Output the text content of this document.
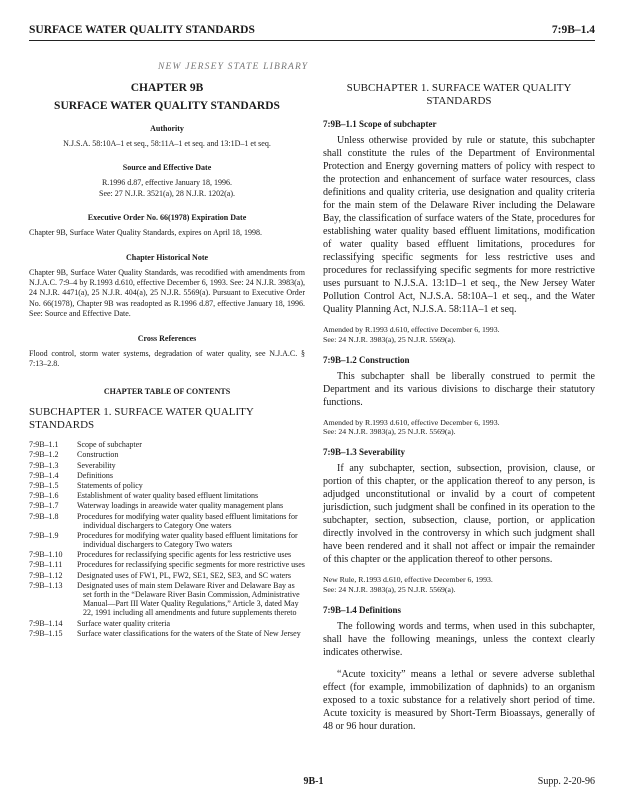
SURFACE WATER QUALITY STANDARDS	7:9B–1.4
NEW JERSEY STATE LIBRARY

CHAPTER 9B

SURFACE WATER QUALITY STANDARDS

Authority

N.J.S.A. 58:10A–1 et seq., 58:11A–1 et seq. and 13:1D–1 et seq.

Source and Effective Date

R.1996 d.87, effective January 18, 1996.

See: 27 N.J.R. 3521(a), 28 N.J.R. 1202(a).

Executive Order No. 66(1978) Expiration Date

Chapter 9B, Surface Water Quality Standards, expires on April 18, 1998.

Chapter Historical Note

Chapter 9B, Surface Water Quality Standards, was recodified with amendments from N.J.A.C. 7:9–4 by R.1993 d.610, effective December 6, 1993. See: 24 N.J.R. 3983(a), 24 N.J.R. 4471(a), 25 N.J.R. 404(a), 25 N.J.R. 5569(a). Pursuant to Executive Order No. 66(1978), Chapter 9B was readopted as R.1996 d.87, effective January 18, 1996. See: Source and Effective Date.

Cross References

Flood control, storm water systems, degradation of water quality, see N.J.A.C. § 7:13–2.8.

CHAPTER TABLE OF CONTENTS

SUBCHAPTER 1. SURFACE WATER QUALITY STANDARDS

7:9B–1.1	Scope of subchapter
7:9B–1.2	Construction
7:9B–1.3	Severability
7:9B–1.4	Definitions
7:9B–1.5	Statements of policy
7:9B–1.6	Establishment of water quality based effluent limitations
7:9B–1.7	Waterway loadings in areawide water quality management plans
7:9B–1.8	Procedures for modifying water quality based effluent limitations for individual dischargers to Category One waters
7:9B–1.9	Procedures for modifying water quality based effluent limitations for individual dischargers to Category Two waters
7:9B–1.10	Procedures for reclassifying specific agents for less restrictive uses
7:9B–1.11	Procedures for reclassifying specific segments for more restrictive uses
7:9B–1.12	Designated uses of FW1, PL, FW2, SE1, SE2, SE3, and SC waters
7:9B–1.13	Designated uses of main stem Delaware River and Delaware Bay as set forth in the “Delaware River Basin Commission, Administrative Manual—Part III Water Quality Regulations,” Article 3, dated May 22, 1991 including all amendments and future supplements thereto
7:9B–1.14	Surface water quality criteria
7:9B–1.15	Surface water classifications for the waters of the State of New Jersey

SUBCHAPTER 1. SURFACE WATER QUALITY STANDARDS

7:9B–1.1 Scope of subchapter

Unless otherwise provided by rule or statute, this subchapter shall constitute the rules of the Department of Environmental Protection and Energy governing matters of policy with respect to the protection and enhancement of surface water resources, class definitions and quality criteria, use designation and quality criteria for the main stem of the Delaware River including the Delaware Bay, the classification of surface waters of the State, procedures for establishing water quality based effluent limitations, modification of water quality based effluent limitations, procedures for reclassifying specific segments for less restrictive uses and procedures for reclassifying specific segments for more restrictive uses pursuant to N.J.S.A. 13:1D–1 et seq., the New Jersey Water Pollution Control Act, N.J.S.A. 58:10A–1 et seq., and the Water Quality Planning Act, N.J.S.A. 58:11A–1 et seq.

Amended by R.1993 d.610, effective December 6, 1993.
See: 24 N.J.R. 3983(a), 25 N.J.R. 5569(a).

7:9B–1.2 Construction

This subchapter shall be liberally construed to permit the Department and its various divisions to discharge their statutory functions.

Amended by R.1993 d.610, effective December 6, 1993.
See: 24 N.J.R. 3983(a), 25 N.J.R. 5569(a).

7:9B–1.3 Severability

If any subchapter, section, subsection, provision, clause, or portion of this chapter, or the application thereof to any person, is adjudged unconstitutional or invalid by a court of competent jurisdiction, such judgment shall be confined in its operation to the subchapter, section, subsection, clause, portion, or application directly involved in the controversy in which such judgment shall have been rendered and it shall not affect or impair the remainder of this chapter or the application thereof to other persons.

New Rule, R.1993 d.610, effective December 6, 1993.
See: 24 N.J.R. 3983(a), 25 N.J.R. 5569(a).

7:9B–1.4 Definitions

The following words and terms, when used in this subchapter, shall have the following meanings, unless the context clearly indicates otherwise.

“Acute toxicity” means a lethal or severe adverse sublethal effect (for example, immobilization of daphnids) to an organism exposed to a toxic substance for a relatively short period of time. Acute toxicity is measured by Short-Term Bioassays, generally of 48 or 96 hour duration.

9B-1	Supp. 2-20-96
